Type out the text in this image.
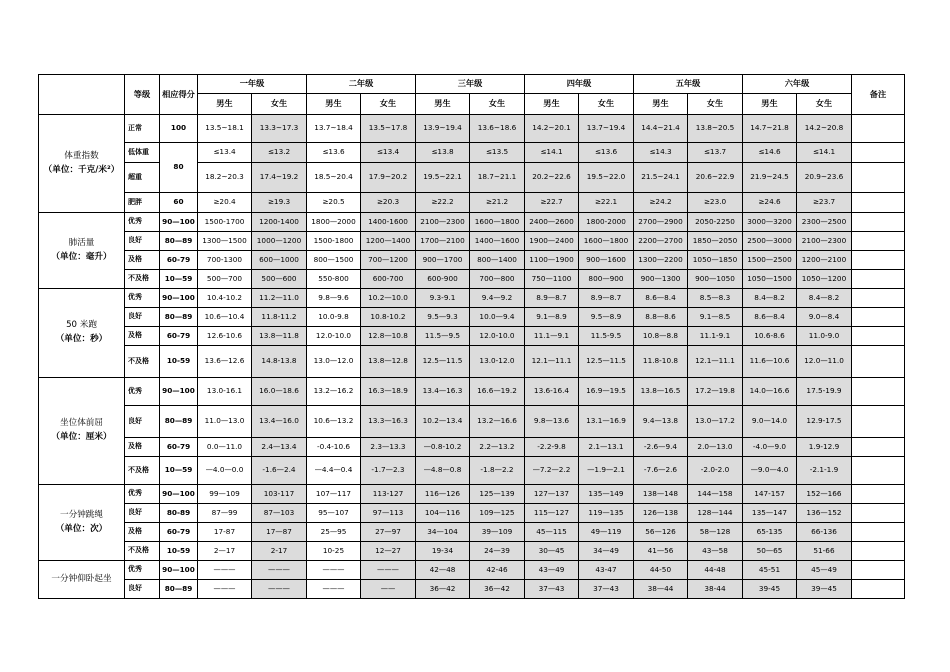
	等级	相应得分	一年级		二年级		三年级		四年级		五年级		六年级		备注
			男生	女生	男生	女生	男生	女生	男生	女生	男生	女生	男生	女生	

体重指数
（单位：千克/米²）	正常	100	13.5~18.1	13.3~17.3	13.7~18.4	13.5~17.8	13.9~19.4	13.6~18.6	14.2~20.1	13.7~19.4	14.4~21.4	13.8~20.5	14.7~21.8	14.2~20.8	
	低体重	80	≤13.4	≤13.2	≤13.6	≤13.4	≤13.8	≤13.5	≤14.1	≤13.6	≤14.3	≤13.7	≤14.6	≤14.1	
	超重		18.2~20.3	17.4~19.2	18.5~20.4	17.9~20.2	19.5~22.1	18.7~21.1	20.2~22.6	19.5~22.0	21.5~24.1	20.6~22.9	21.9~24.5	20.9~23.6	
	肥胖	60	≥20.4	≥19.3	≥20.5	≥20.3	≥22.2	≥21.2	≥22.7	≥22.1	≥24.2	≥23.0	≥24.6	≥23.7	

肺活量
（单位：毫升）	优秀	90—100	1500-1700	1200-1400	1800—2000	1400-1600	2100—2300	1600—1800	2400—2600	1800-2000	2700—2900	2050-2250	3000—3200	2300—2500	
	良好	80—89	1300—1500	1000—1200	1500-1800	1200—1400	1700—2100	1400—1600	1900—2400	1600—1800	2200—2700	1850—2050	2500—3000	2100—2300	
	及格	60-79	700-1300	600—1000	800—1500	700—1200	900—1700	800—1400	1100—1900	900—1600	1300—2200	1050—1850	1500—2500	1200—2100	
	不及格	10—59	500—700	500—600	550-800	600-700	600-900	700—800	750—1100	800—900	900—1300	900—1050	1050—1500	1050—1200	

50 米跑
（单位：秒）	优秀	90—100	10.4-10.2	11.2—11.0	9.8—9.6	10.2—10.0	9.3-9.1	9.4—9.2	8.9—8.7	8.9—8.7	8.6—8.4	8.5—8.3	8.4—8.2	8.4—8.2	
	良好	80—89	10.6—10.4	11.8-11.2	10.0-9.8	10.8-10.2	9.5—9.3	10.0—9.4	9.1—8.9	9.5—8.9	8.8—8.6	9.1—8.5	8.6—8.4	9.0—8.4	
	及格	60-79	12.6-10.6	13.8—11.8	12.0-10.0	12.8—10.8	11.5—9.5	12.0-10.0	11.1—9.1	11.5-9.5	10.8—8.8	11.1-9.1	10.6-8.6	11.0-9.0	
	不及格	10-59	13.6—12.6	14.8-13.8	13.0—12.0	13.8—12.8	12.5—11.5	13.0-12.0	12.1—11.1	12.5—11.5	11.8-10.8	12.1—11.1	11.6—10.6	12.0—11.0	

坐位体前屈
（单位：厘米）	优秀	90—100	13.0-16.1	16.0—18.6	13.2—16.2	16.3—18.9	13.4—16.3	16.6—19.2	13.6-16.4	16.9—19.5	13.8—16.5	17.2—19.8	14.0—16.6	17.5-19.9	
	良好	80—89	11.0—13.0	13.4—16.0	10.6—13.2	13.3—16.3	10.2—13.4	13.2—16.6	9.8—13.6	13.1—16.9	9.4—13.8	13.0—17.2	9.0—14.0	12.9-17.5	
	及格	60-79	0.0—11.0	2.4—13.4	-0.4-10.6	2.3—13.3	—0.8-10.2	2.2—13.2	-2.2-9.8	2.1—13.1	-2.6—9.4	2.0—13.0	-4.0—9.0	1.9-12.9	
	不及格	10—59	—4.0—0.0	-1.6—2.4	—4.4—0.4	-1.7—2.3	—4.8—0.8	-1.8—2.2	—7.2—2.2	—1.9—2.1	-7.6—2.6	-2.0-2.0	—9.0—4.0	-2.1-1.9	

一分钟跳绳
（单位：次）	优秀	90—100	99—109	103-117	107—117	113-127	116—126	125—139	127—137	135—149	138—148	144—158	147-157	152—166	
	良好	80-89	87—99	87—103	95—107	97—113	104—116	109—125	115—127	119—135	126—138	128—144	135—147	136—152	
	及格	60-79	17-87	17—87	25—95	27—97	34—104	39—109	45—115	49—119	56—126	58—128	65-135	66-136	
	不及格	10-59	2—17	2-17	10-25	12—27	19-34	24—39	30—45	34—49	41—56	43—58	50—65	51-66	

一分钟仰卧起坐	优秀	90—100	———	———	———	———	42—48	42-46	43—49	43-47	44-50	44-48	45-51	45—49	
	良好	80—89	———	———	———	——	36—42	36—42	37—43	37—43	38—44	38-44	39-45	39—45	
